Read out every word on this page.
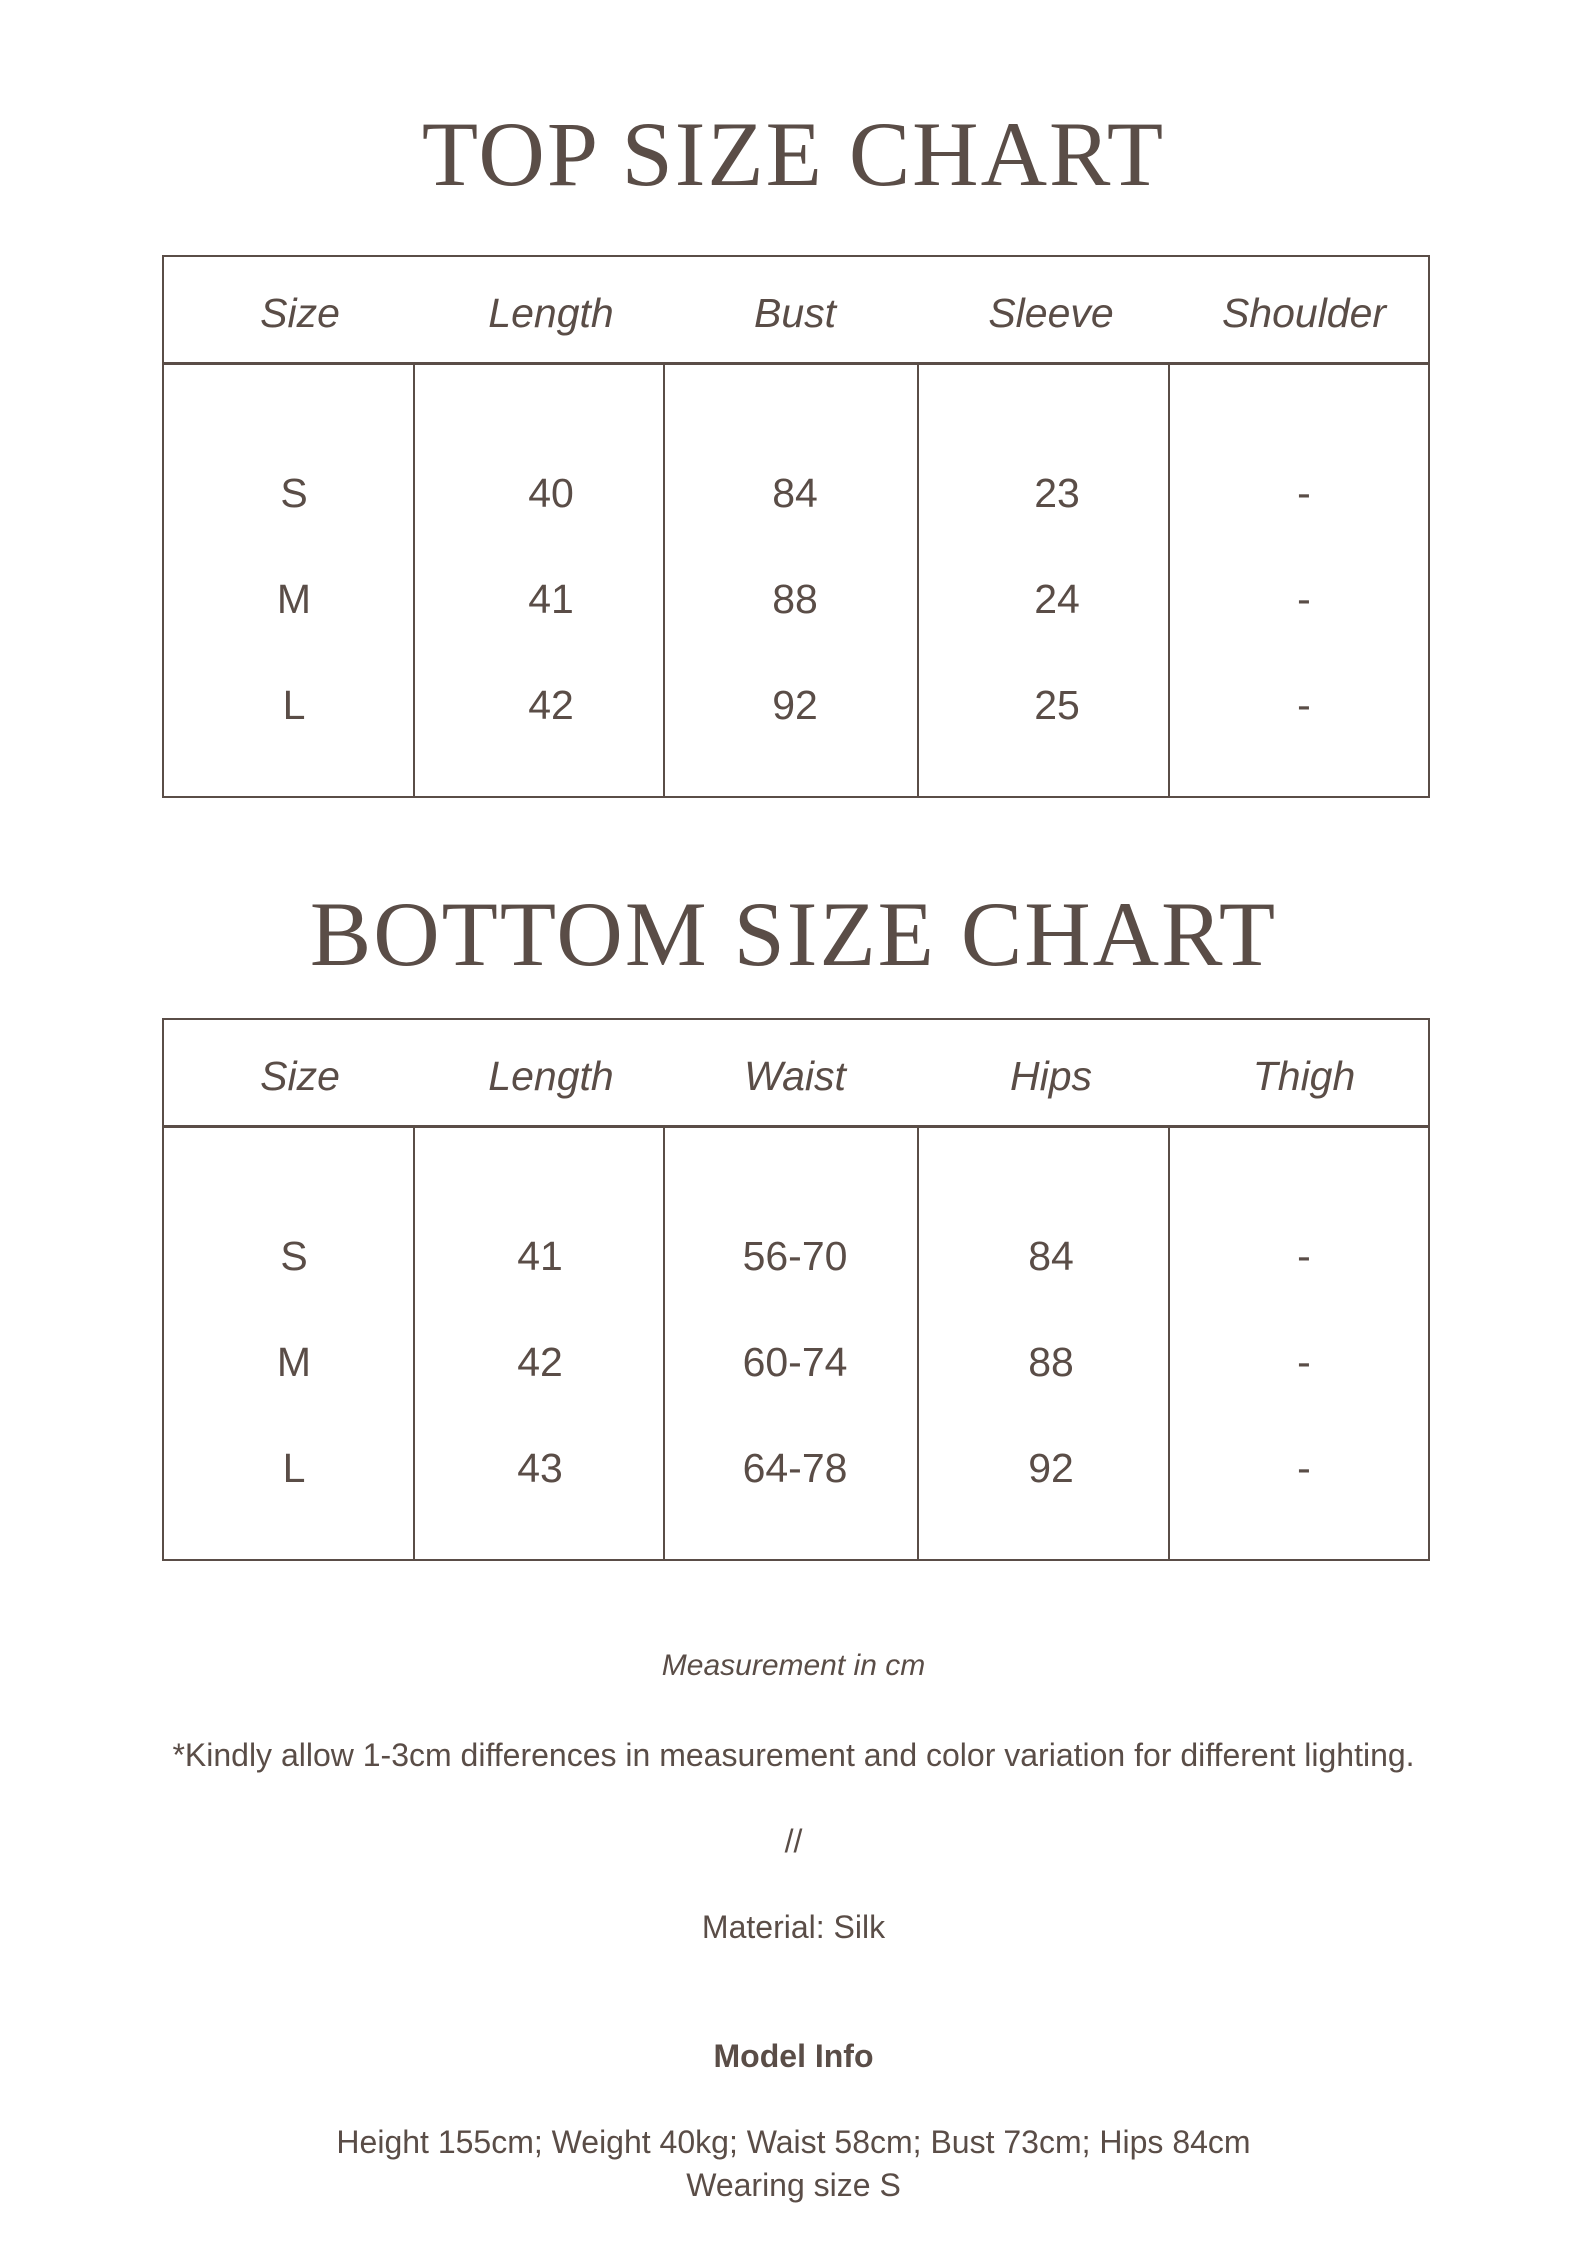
TOP SIZE CHART
Size	Length	Bust	Sleeve	Shoulder
S	40	84	23	-
M	41	88	24	-
L	42	92	25	-
BOTTOM SIZE CHART
Size	Length	Waist	Hips	Thigh
S	41	56-70	84	-
M	42	60-74	88	-
L	43	64-78	92	-
Measurement in cm
*Kindly allow 1-3cm differences in measurement and color variation for different lighting.
//
Material: Silk
Model Info
Height 155cm; Weight 40kg; Waist 58cm; Bust 73cm; Hips 84cm
Wearing size S
